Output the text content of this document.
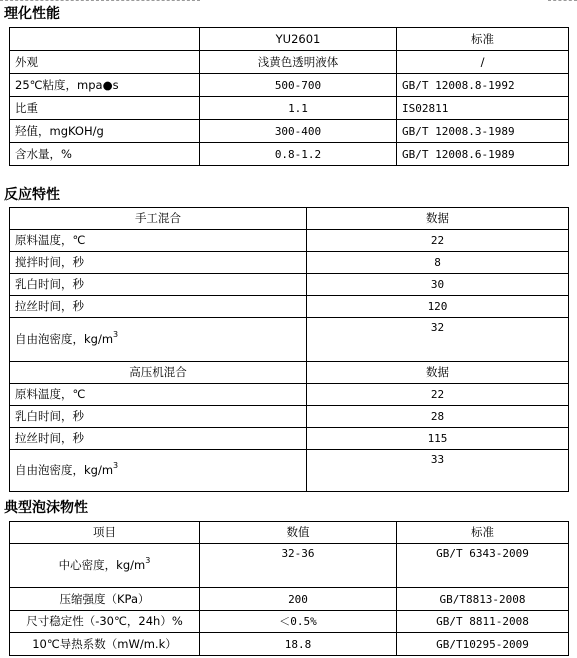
理化性能
	YU2601	标准
外观	浅黄色透明液体	/
25℃粘度，mpa●s	500-700	GB/T 12008.8-1992
比重	1.1	IS02811
羟值，mgKOH/g	300-400	GB/T 12008.3-1989
含水量，%	0.8-1.2	GB/T 12008.6-1989
反应特性
手工混合	数据
原料温度，℃	22
搅拌时间，秒	8
乳白时间，秒	30
拉丝时间，秒	120
自由泡密度，$kg/m^3$	32
高压机混合	数据
原料温度，℃	22
乳白时间，秒	28
拉丝时间，秒	115
自由泡密度，$kg/m^3$	33
典型泡沫物性
项目	数值	标准
中心密度，$kg/m^3$	32-36	GB/T 6343-2009
压缩强度（KPa）	200	GB/T8813-2008
尺寸稳定性（-30℃，24h）%	＜0.5%	GB/T 8811-2008
10℃导热系数（mW/m.k）	18.8	GB/T10295-2009
